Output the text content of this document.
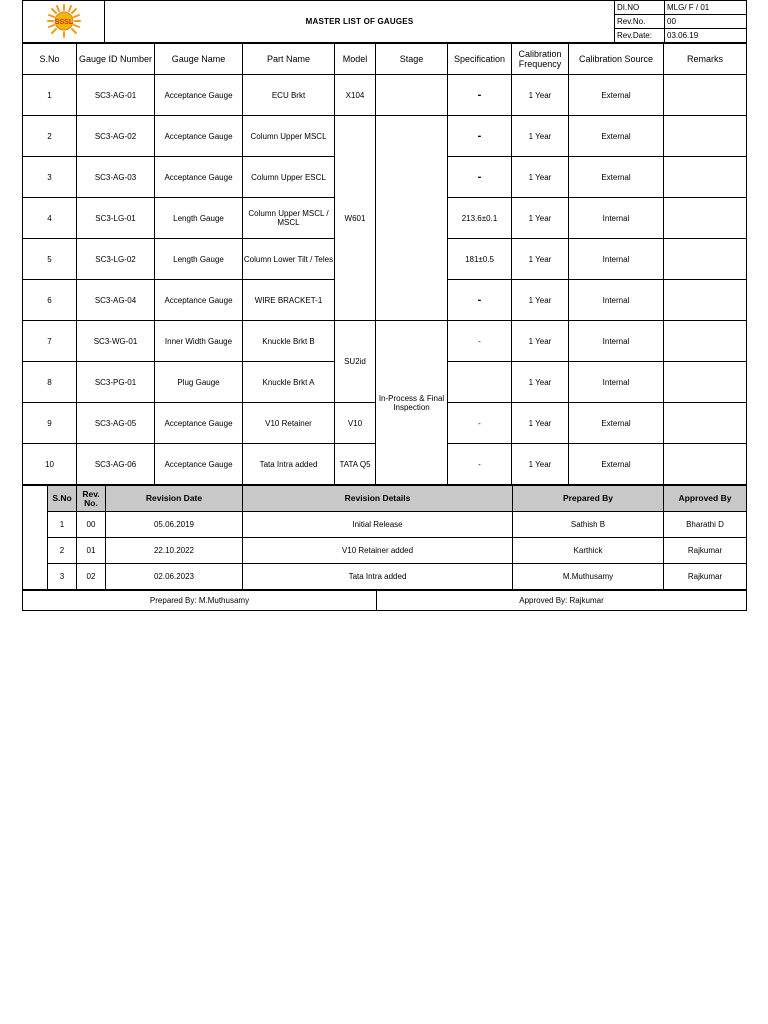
SSSL	MASTER LIST OF GAUGES	DI.NO	MLG/ F / 01
		Rev.No.	00
		Rev.Date:	03.06.19
S.No	Gauge ID Number	Gauge Name	Part Name	Model	Stage	Specification	Calibration Frequency	Calibration Source	Remarks
1	SC3-AG-01	Acceptance Gauge	ECU Brkt	X104		-	1 Year	External	
2	SC3-AG-02	Acceptance Gauge	Column Upper MSCL	W601		-	1 Year	External	
3	SC3-AG-03	Acceptance Gauge	Column Upper ESCL			-	1 Year	External	
4	SC3-LG-01	Length Gauge	Column Upper MSCL / MSCL			213.6±0.1	1 Year	Internal	
5	SC3-LG-02	Length Gauge	Column Lower Tilt / Teles			181±0.5	1 Year	Internal	
6	SC3-AG-04	Acceptance Gauge	WIRE BRACKET-1			-	1 Year	Internal	
7	SC3-WG-01	Inner Width Gauge	Knuckle Brkt B	SU2id	In-Process & Final Inspection	-	1 Year	Internal	
8	SC3-PG-01	Plug Gauge	Knuckle Brkt A				1 Year	Internal	
9	SC3-AG-05	Acceptance Gauge	V10 Retainer	V10		-	1 Year	External	
10	SC3-AG-06	Acceptance Gauge	Tata Intra added	TATA Q5		-	1 Year	External	
	S.No	Rev. No.	Revision Date	Revision Details	Prepared By	Approved By
	1	00	05.06.2019	Initial Release	Sathish B	Bharathi D
	2	01	22.10.2022	V10 Retainer added	Karthick	Rajkumar
	3	02	02.06.2023	Tata Intra added	M.Muthusamy	Rajkumar
Prepared By: M.Muthusamy	Approved By: Rajkumar
